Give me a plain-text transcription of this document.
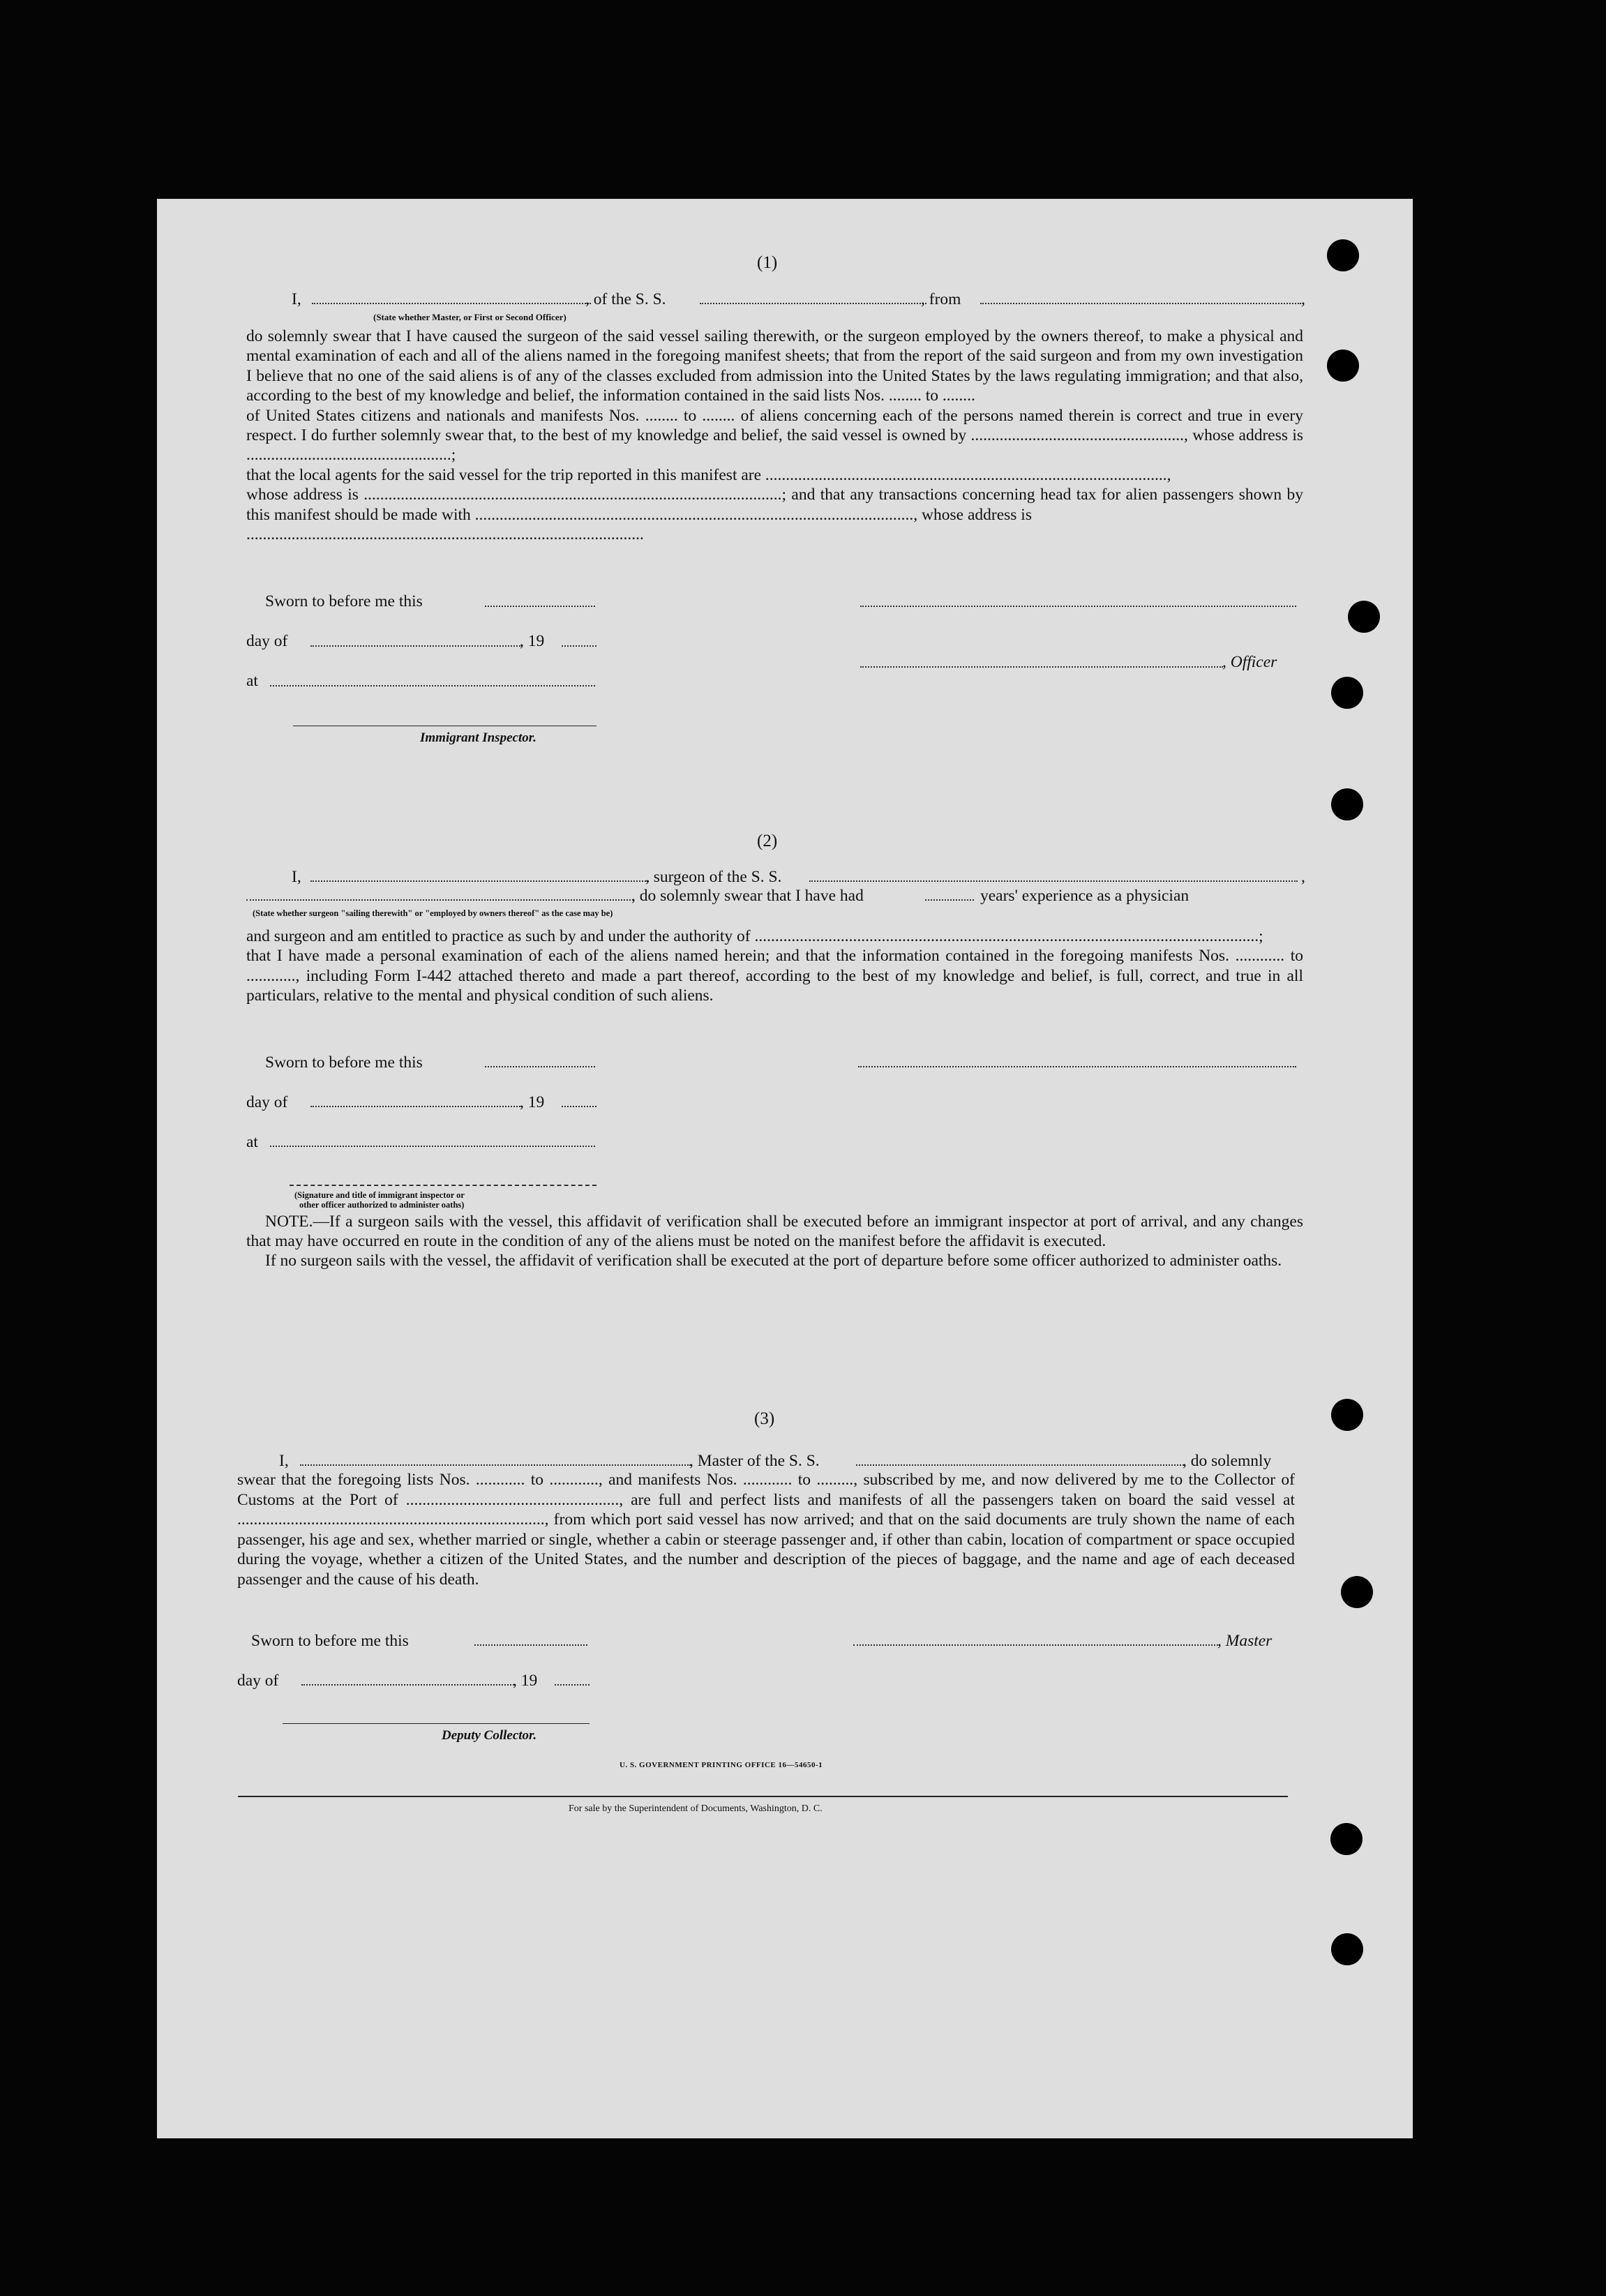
(1)
I,	, of the S. S.	, from	,
(State whether Master, or First or Second Officer)

do solemnly swear that I have caused the surgeon of the said vessel sailing therewith, or the surgeon employed by the owners thereof, to make a physical and mental examination of each and all of the aliens named in the foregoing manifest sheets; that from the report of the said surgeon and from my own investigation I believe that no one of the said aliens is of any of the classes excluded from admission into the United States by the laws regulating immigration; and that also, according to the best of my knowledge and belief, the information contained in the said lists Nos. ........ to ........

of United States citizens and nationals and manifests Nos. ........ to ........ of aliens concerning each of the persons named therein is correct and true in every respect. I do further solemnly swear that, to the best of my knowledge and belief, the said vessel is owned by ...................................................., whose address is ..................................................;

that the local agents for the said vessel for the trip reported in this manifest are ..................................................................................................,

whose address is ......................................................................................................; and that any transactions concerning head tax for alien passengers shown by this manifest should be made with ..........................................................................................................., whose address is

.................................................................................................

Sworn to before me this
day of	, 19
, Officer
at
Immigrant Inspector.
(2)
I,	, surgeon of the S. S.	,
, do solemnly swear that I have had	years' experience as a physician
(State whether surgeon "sailing therewith" or "employed by owners thereof" as the case may be)

and surgeon and am entitled to practice as such by and under the authority of ...........................................................................................................................;

that I have made a personal examination of each of the aliens named herein; and that the information contained in the foregoing manifests Nos. ............ to ............, including Form I-442 attached thereto and made a part thereof, according to the best of my knowledge and belief, is full, correct, and true in all particulars, relative to the mental and physical condition of such aliens.

Sworn to before me this
day of	, 19
at
(Signature and title of immigrant inspector or
other officer authorized to administer oaths)

NOTE.—If a surgeon sails with the vessel, this affidavit of verification shall be executed before an immigrant inspector at port of arrival, and any changes that may have occurred en route in the condition of any of the aliens must be noted on the manifest before the affidavit is executed.

If no surgeon sails with the vessel, the affidavit of verification shall be executed at the port of departure before some officer authorized to administer oaths.

(3)
I,	, Master of the S. S.	, do solemnly

swear that the foregoing lists Nos. ............ to ............, and manifests Nos. ............ to ........., subscribed by me, and now delivered by me to the Collector of Customs at the Port of ...................................................., are full and perfect lists and manifests of all the passengers taken on board the said vessel at ..........................................................................., from which port said vessel has now arrived; and that on the said documents are truly shown the name of each passenger, his age and sex, whether married or single, whether a cabin or steerage passenger and, if other than cabin, location of compartment or space occupied during the voyage, whether a citizen of the United States, and the number and description of the pieces of baggage, and the name and age of each deceased passenger and the cause of his death.

Sworn to before me this	, Master
day of	, 19
Deputy Collector.
U. S. GOVERNMENT PRINTING OFFICE 16—54650-1
For sale by the Superintendent of Documents, Washington, D. C.
